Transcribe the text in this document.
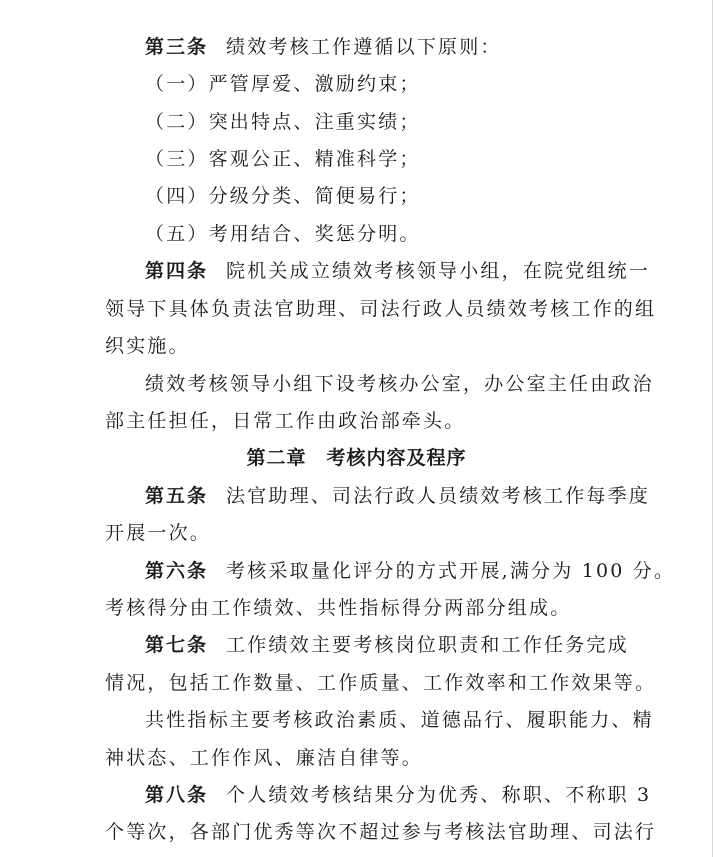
第三条 绩效考核工作遵循以下原则：
（一）严管厚爱、激励约束；
（二）突出特点、注重实绩；
（三）客观公正、精准科学；
（四）分级分类、简便易行；
（五）考用结合、奖惩分明。
第四条 院机关成立绩效考核领导小组，在院党组统一
领导下具体负责法官助理、司法行政人员绩效考核工作的组
织实施。
绩效考核领导小组下设考核办公室，办公室主任由政治
部主任担任，日常工作由政治部牵头。
第二章 考核内容及程序
第五条 法官助理、司法行政人员绩效考核工作每季度
开展一次。
第六条 考核采取量化评分的方式开展,满分为 100 分。
考核得分由工作绩效、共性指标得分两部分组成。
第七条 工作绩效主要考核岗位职责和工作任务完成
情况，包括工作数量、工作质量、工作效率和工作效果等。
共性指标主要考核政治素质、道德品行、履职能力、精
神状态、工作作风、廉洁自律等。
第八条 个人绩效考核结果分为优秀、称职、不称职 3
个等次，各部门优秀等次不超过参与考核法官助理、司法行
